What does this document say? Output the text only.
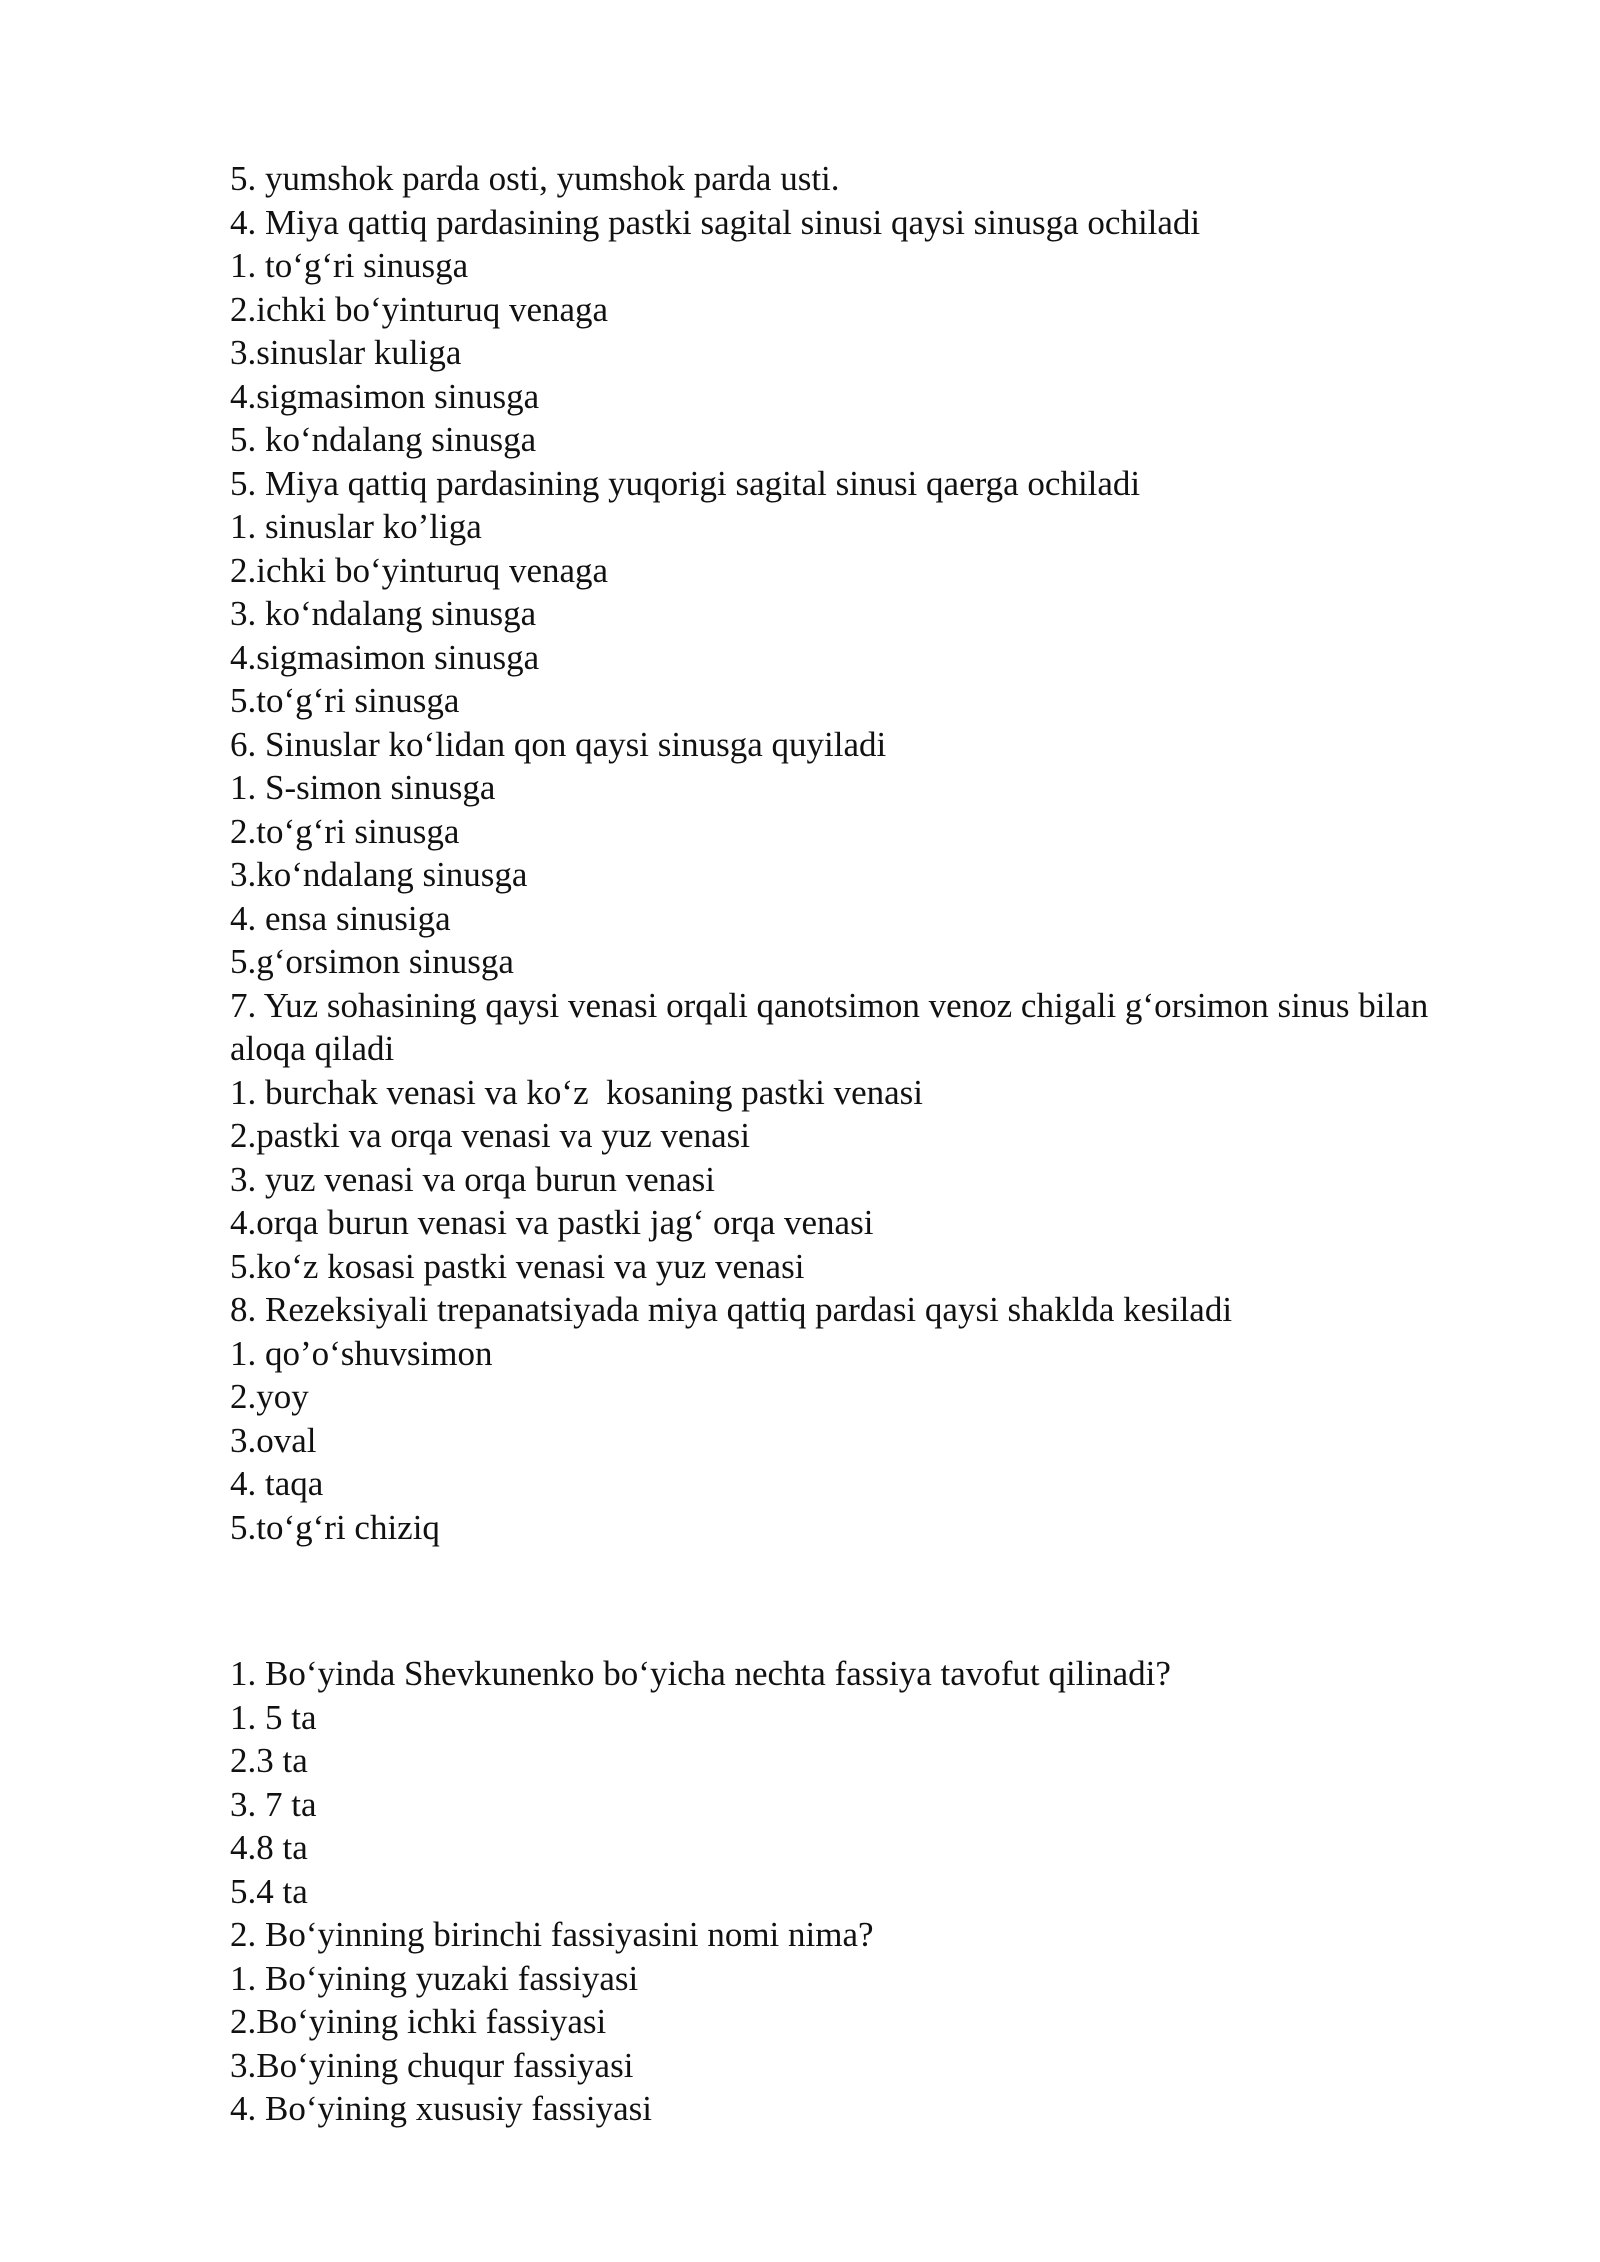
5. yumshok parda osti, yumshok parda usti.

4. Miya qattiq pardasining pastki sagital sinusi qaysi sinusga ochiladi

1. to‘g‘ri sinusga

2.ichki bo‘yinturuq venaga

3.sinuslar kuliga

4.sigmasimon sinusga

5. ko‘ndalang sinusga

5. Miya qattiq pardasining yuqorigi sagital sinusi qaerga ochiladi

1. sinuslar ko’liga

2.ichki bo‘yinturuq venaga

3. ko‘ndalang sinusga

4.sigmasimon sinusga

5.to‘g‘ri sinusga

6. Sinuslar ko‘lidan qon qaysi sinusga quyiladi

1. S-simon sinusga

2.to‘g‘ri sinusga

3.ko‘ndalang sinusga

4. ensa sinusiga

5.g‘orsimon sinusga

7. Yuz sohasining qaysi venasi orqali qanotsimon venoz chigali g‘orsimon sinus bilan aloqa qiladi

1. burchak venasi va ko‘z  kosaning pastki venasi

2.pastki va orqa venasi va yuz venasi

3. yuz venasi va orqa burun venasi

4.orqa burun venasi va pastki jag‘ orqa venasi

5.ko‘z kosasi pastki venasi va yuz venasi

8. Rezeksiyali trepanatsiyada miya qattiq pardasi qaysi shaklda kesiladi

1. qo’o‘shuvsimon

2.yoy

3.oval

4. taqa

5.to‘g‘ri chiziq

1. Bo‘yinda Shevkunenko bo‘yicha nechta fassiya tavofut qilinadi?

1. 5 ta

2.3 ta

3. 7 ta

4.8 ta

5.4 ta

2. Bo‘yinning birinchi fassiyasini nomi nima?

1. Bo‘yining yuzaki fassiyasi

2.Bo‘yining ichki fassiyasi

3.Bo‘yining chuqur fassiyasi

4. Bo‘yining xususiy fassiyasi
